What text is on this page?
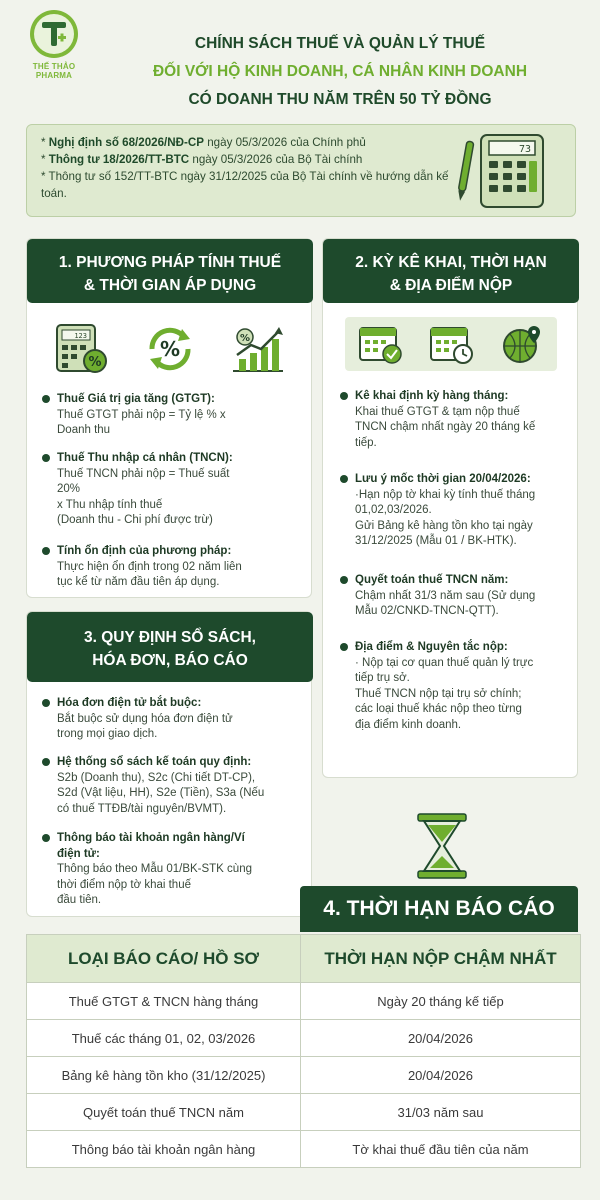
THẾ THẢO PHARMA
CHÍNH SÁCH THUẾ VÀ QUẢN LÝ THUẾ
ĐỐI VỚI HỘ KINH DOANH, CÁ NHÂN KINH DOANH
CÓ DOANH THU NĂM TRÊN 50 TỶ ĐỒNG

* Nghị định số 68/2026/NĐ-CP ngày 05/3/2026 của Chính phủ

* Thông tư 18/2026/TT-BTC ngày 05/3/2026 của Bộ Tài chính

* Thông tư số 152/TT-BTC ngày 31/12/2025 của Bộ Tài chính về hướng dẫn kế toán.

73
1. PHƯƠNG PHÁP TÍNH THUẾ
& THỜI GIAN ÁP DỤNG
123
%
%	%
Thuế Giá trị gia tăng (GTGT):
Thuế GTGT phải nộp = Tỷ lệ % x
Doanh thu
Thuế Thu nhập cá nhân (TNCN):
Thuế TNCN phải nộp = Thuế suất
20%
x Thu nhập tính thuế
(Doanh thu - Chi phí được trừ)
Tính ổn định của phương pháp:
Thực hiện ổn định trong 02 năm liên
tục kể từ năm đầu tiên áp dụng.
2. KỲ KÊ KHAI, THỜI HẠN
& ĐỊA ĐIỂM NỘP
Kê khai định kỳ hàng tháng:
Khai thuế GTGT & tạm nộp thuế
TNCN chậm nhất ngày 20 tháng kế
tiếp.
Lưu ý mốc thời gian 20/04/2026:
·Hạn nộp tờ khai kỳ tính thuế tháng
01,02,03/2026.
Gửi Bảng kê hàng tồn kho tại ngày
31/12/2025 (Mẫu 01 / BK-HTK).
Quyết toán thuế TNCN năm:
Chậm nhất 31/3 năm sau (Sử dụng
Mẫu 02/CNKD-TNCN-QTT).
Địa điểm & Nguyên tắc nộp:
· Nộp tại cơ quan thuế quản lý trực
tiếp trụ sở.
Thuế TNCN nộp tại trụ sở chính;
các loại thuế khác nộp theo từng
địa điểm kinh doanh.
3. QUY ĐỊNH SỔ SÁCH,
HÓA ĐƠN, BÁO CÁO
Hóa đơn điện tử bắt buộc:
Bắt buộc sử dụng hóa đơn điện tử
trong mọi giao dịch.
Hệ thống sổ sách kế toán quy định:
S2b (Doanh thu), S2c (Chi tiết DT-CP),
S2d (Vật liệu, HH), S2e (Tiền), S3a (Nếu
có thuế TTĐB/tài nguyên/BVMT).
Thông báo tài khoản ngân hàng/Ví
điện tử:
Thông báo theo Mẫu 01/BK-STK cùng
thời điểm nộp tờ khai thuế
đầu tiên.	4. THỜI HẠN BÁO CÁO
LOẠI BÁO CÁO/ HỒ SƠ	THỜI HẠN NỘP CHẬM NHẤT
Thuế GTGT & TNCN hàng tháng	Ngày 20 tháng kế tiếp
Thuế các tháng 01, 02, 03/2026	20/04/2026
Bảng kê hàng tồn kho (31/12/2025)	20/04/2026
Quyết toán thuế TNCN năm	31/03 năm sau
Thông báo tài khoản ngân hàng	Tờ khai thuế đầu tiên của năm
